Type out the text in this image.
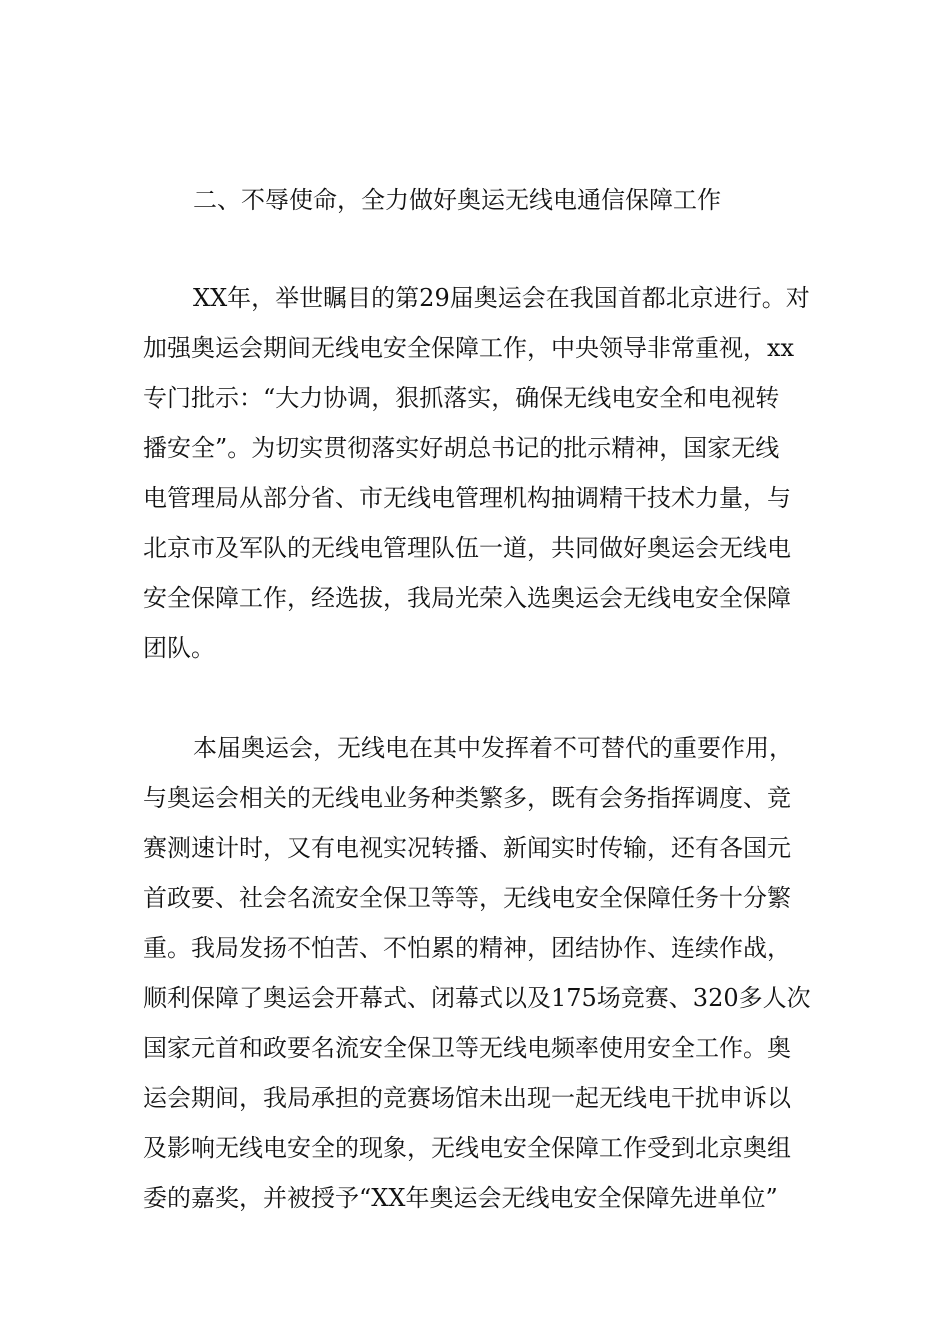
二、不辱使命，全力做好奥运无线电通信保障工作
XX年，举世瞩目的第29届奥运会在我国首都北京进行。对
加强奥运会期间无线电安全保障工作，中央领导非常重视，xx
专门批示：“大力协调，狠抓落实，确保无线电安全和电视转
播安全”。为切实贯彻落实好胡总书记的批示精神，国家无线
电管理局从部分省、市无线电管理机构抽调精干技术力量，与
北京市及军队的无线电管理队伍一道，共同做好奥运会无线电
安全保障工作，经选拔，我局光荣入选奥运会无线电安全保障
团队。
本届奥运会，无线电在其中发挥着不可替代的重要作用，
与奥运会相关的无线电业务种类繁多，既有会务指挥调度、竞
赛测速计时，又有电视实况转播、新闻实时传输，还有各国元
首政要、社会名流安全保卫等等，无线电安全保障任务十分繁
重。我局发扬不怕苦、不怕累的精神，团结协作、连续作战，
顺利保障了奥运会开幕式、闭幕式以及175场竞赛、320多人次
国家元首和政要名流安全保卫等无线电频率使用安全工作。奥
运会期间，我局承担的竞赛场馆未出现一起无线电干扰申诉以
及影响无线电安全的现象，无线电安全保障工作受到北京奥组
委的嘉奖，并被授予“XX年奥运会无线电安全保障先进单位”
